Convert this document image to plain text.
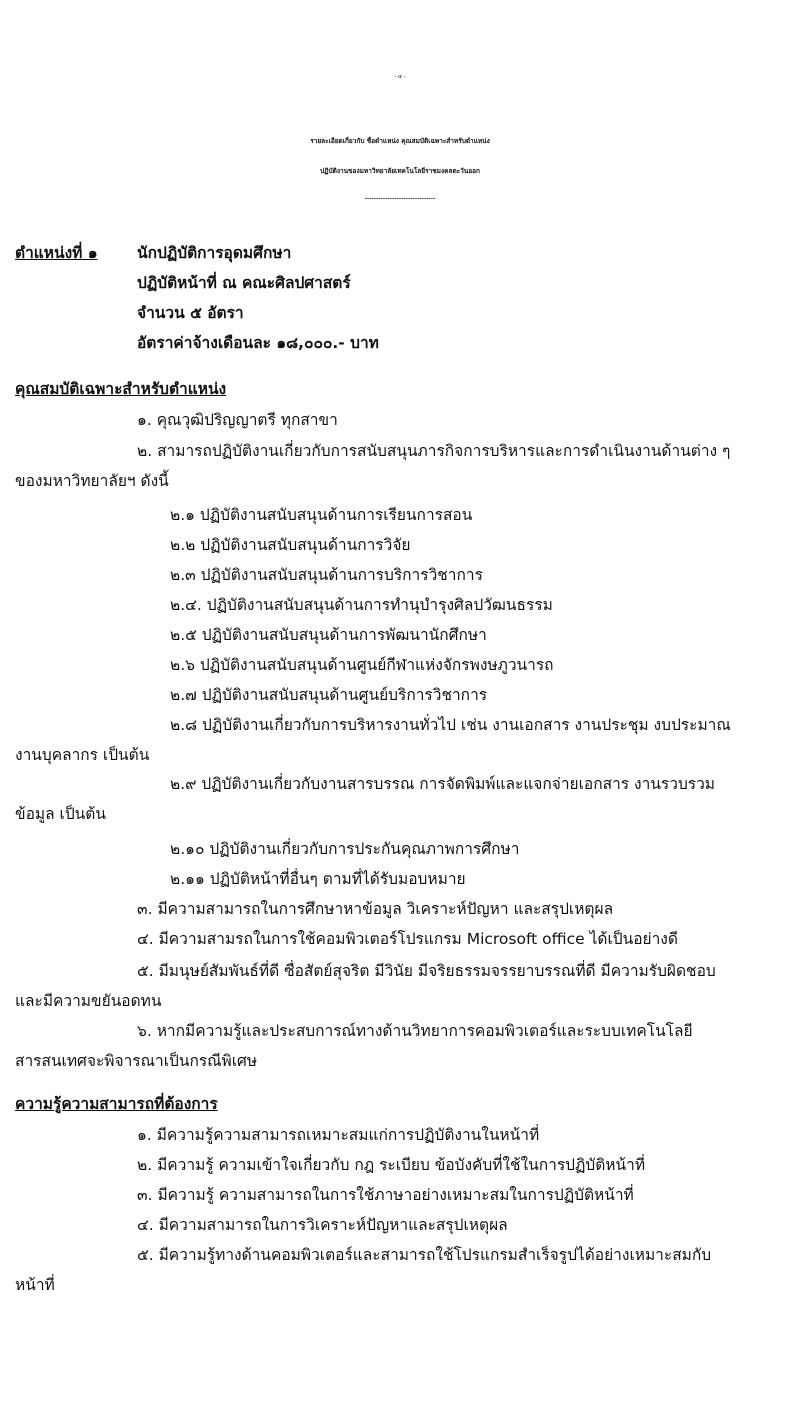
- ๔ -
รายละเอียดเกี่ยวกับ ชื่อตำแหน่ง คุณสมบัติเฉพาะสำหรับตำแหน่ง
ปฏิบัติงานของมหาวิทยาลัยเทคโนโลยีราชมงคลตะวันออก
-------------------------------
ตำแหน่งที่ ๑	นักปฏิบัติการอุดมศึกษา
ปฏิบัติหน้าที่ ณ คณะศิลปศาสตร์
จำนวน ๕ อัตรา
อัตราค่าจ้างเดือนละ ๑๘,๐๐๐.- บาท
คุณสมบัติเฉพาะสำหรับตำแหน่ง
๑. คุณวุฒิปริญญาตรี ทุกสาขา
๒. สามารถปฏิบัติงานเกี่ยวกับการสนับสนุนภารกิจการบริหารและการดำเนินงานด้านต่าง ๆ
ของมหาวิทยาลัยฯ ดังนี้
๒.๑ ปฏิบัติงานสนับสนุนด้านการเรียนการสอน
๒.๒ ปฏิบัติงานสนับสนุนด้านการวิจัย
๒.๓ ปฏิบัติงานสนับสนุนด้านการบริการวิชาการ
๒.๔. ปฏิบัติงานสนับสนุนด้านการทำนุบำรุงศิลปวัฒนธรรม
๒.๕ ปฏิบัติงานสนับสนุนด้านการพัฒนานักศึกษา
๒.๖ ปฏิบัติงานสนับสนุนด้านศูนย์กีฬาแห่งจักรพงษภูวนารถ
๒.๗ ปฏิบัติงานสนับสนุนด้านศูนย์บริการวิชาการ
๒.๘ ปฏิบัติงานเกี่ยวกับการบริหารงานทั่วไป เช่น งานเอกสาร งานประชุม งบประมาณ
งานบุคลากร เป็นต้น
๒.๙ ปฏิบัติงานเกี่ยวกับงานสารบรรณ การจัดพิมพ์และแจกจ่ายเอกสาร งานรวบรวม
ข้อมูล เป็นต้น
๒.๑๐ ปฏิบัติงานเกี่ยวกับการประกันคุณภาพการศึกษา
๒.๑๑ ปฏิบัติหน้าที่อื่นๆ ตามที่ได้รับมอบหมาย
๓. มีความสามารถในการศึกษาหาข้อมูล วิเคราะห์ปัญหา และสรุปเหตุผล
๔. มีความสามรถในการใช้คอมพิวเตอร์โปรแกรม Microsoft office ได้เป็นอย่างดี
๕. มีมนุษย์สัมพันธ์ที่ดี ซื่อสัตย์สุจริต มีวินัย มีจริยธรรมจรรยาบรรณที่ดี มีความรับผิดชอบ
และมีความขยันอดทน
๖. หากมีความรู้และประสบการณ์ทางด้านวิทยาการคอมพิวเตอร์และระบบเทคโนโลยี
สารสนเทศจะพิจารณาเป็นกรณีพิเศษ
ความรู้ความสามารถที่ต้องการ
๑. มีความรู้ความสามารถเหมาะสมแก่การปฏิบัติงานในหน้าที่
๒. มีความรู้ ความเข้าใจเกี่ยวกับ กฎ ระเบียบ ข้อบังคับที่ใช้ในการปฏิบัติหน้าที่
๓. มีความรู้ ความสามารถในการใช้ภาษาอย่างเหมาะสมในการปฏิบัติหน้าที่
๔. มีความสามารถในการวิเคราะห์ปัญหาและสรุปเหตุผล
๕. มีความรู้ทางด้านคอมพิวเตอร์และสามารถใช้โปรแกรมสำเร็จรูปได้อย่างเหมาะสมกับ
หน้าที่
